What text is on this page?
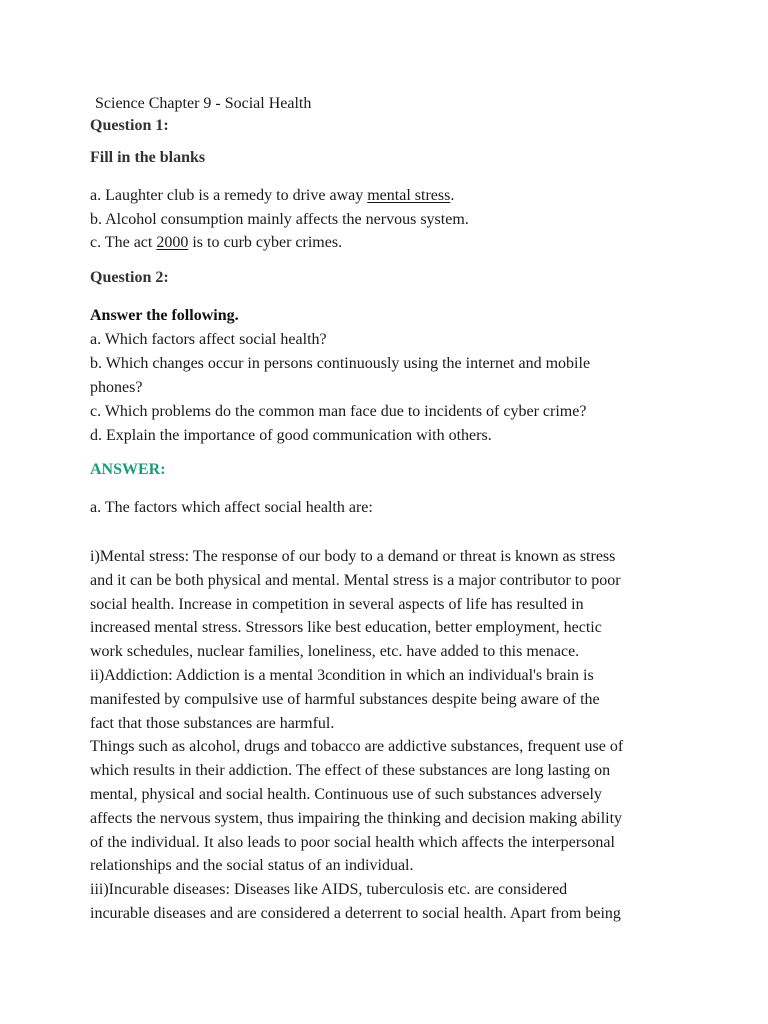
Science Chapter 9 - Social Health
Question 1:
Fill in the blanks
a. Laughter club is a remedy to drive away mental stress.
b. Alcohol consumption mainly affects the nervous system.
c. The act 2000 is to curb cyber crimes.
Question 2:
Answer the following.
a. Which factors affect social health?
b. Which changes occur in persons continuously using the internet and mobile
phones?
c. Which problems do the common man face due to incidents of cyber crime?
d. Explain the importance of good communication with others.
ANSWER:
a. The factors which affect social health are:

i)Mental stress: The response of our body to a demand or threat is known as stress

and it can be both physical and mental. Mental stress is a major contributor to poor

social health. Increase in competition in several aspects of life has resulted in

increased mental stress. Stressors like best education, better employment, hectic

work schedules, nuclear families, loneliness, etc. have added to this menace.

ii)Addiction: Addiction is a mental 3condition in which an individual's brain is

manifested by compulsive use of harmful substances despite being aware of the

fact that those substances are harmful.

Things such as alcohol, drugs and tobacco are addictive substances, frequent use of

which results in their addiction. The effect of these substances are long lasting on

mental, physical and social health. Continuous use of such substances adversely

affects the nervous system, thus impairing the thinking and decision making ability

of the individual. It also leads to poor social health which affects the interpersonal

relationships and the social status of an individual.

iii)Incurable diseases: Diseases like AIDS, tuberculosis etc. are considered

incurable diseases and are considered a deterrent to social health. Apart from being
